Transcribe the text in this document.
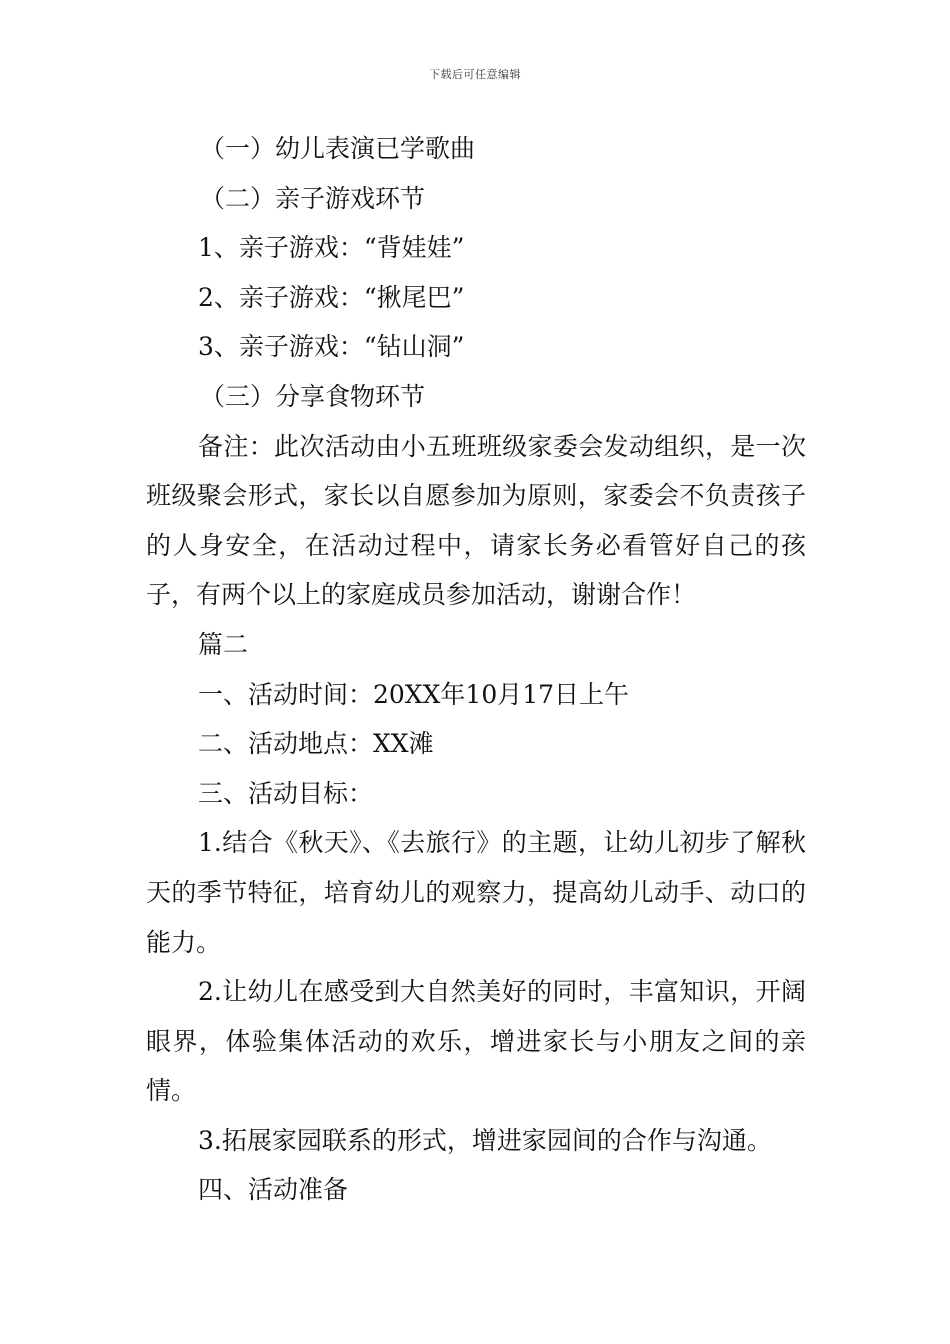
下载后可任意编辑
（一）幼儿表演已学歌曲
（二）亲子游戏环节
1、亲子游戏：“背娃娃”
2、亲子游戏：“揪尾巴”
3、亲子游戏：“钻山洞”
（三）分享食物环节

备注：此次活动由小五班班级家委会发动组织，是一次班级聚会形式，家长以自愿参加为原则，家委会不负责孩子的人身安全，在活动过程中，请家长务必看管好自己的孩子，有两个以上的家庭成员参加活动，谢谢合作！

篇二
一、活动时间：20XX年10月17日上午
二、活动地点：XX滩
三、活动目标：

1.结合《秋天》、《去旅行》的主题，让幼儿初步了解秋天的季节特征，培育幼儿的观察力，提高幼儿动手、动口的能力。

2.让幼儿在感受到大自然美好的同时，丰富知识，开阔眼界，体验集体活动的欢乐，增进家长与小朋友之间的亲情。

3.拓展家园联系的形式，增进家园间的合作与沟通。

四、活动准备
